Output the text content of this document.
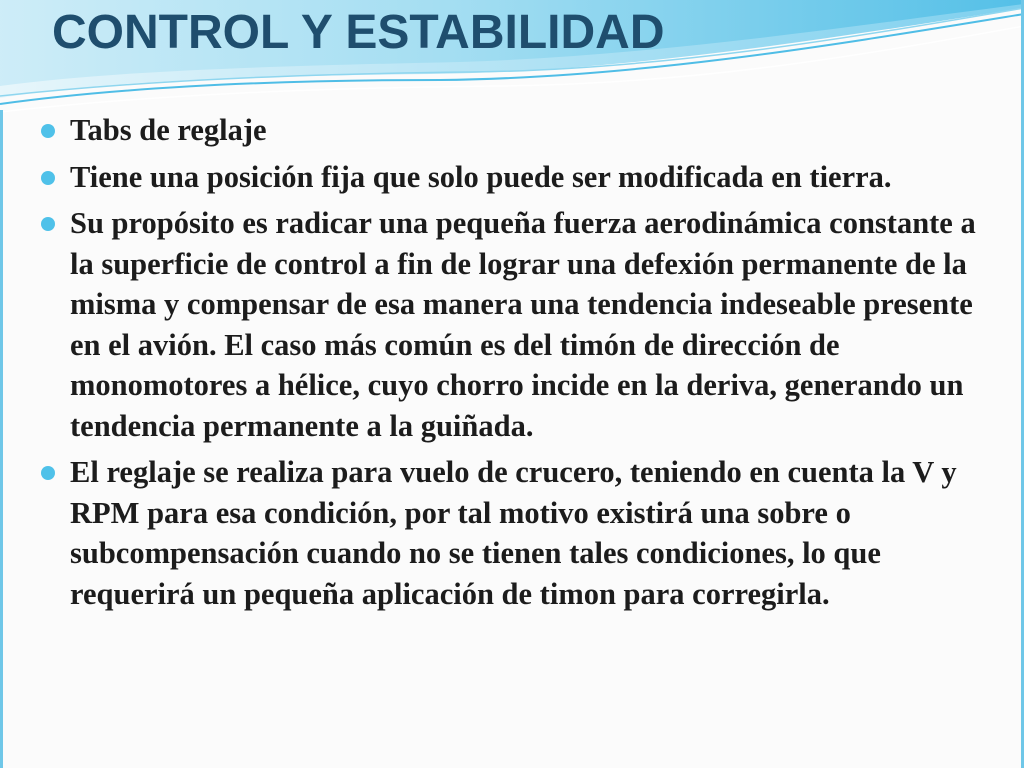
CONTROL Y ESTABILIDAD
Tabs de reglaje
Tiene una posición fija que solo puede ser modificada en tierra.
Su propósito es radicar una pequeña fuerza aerodinámica constante a la superficie de control a fin de lograr una defexión permanente de la misma y compensar de esa manera una tendencia indeseable presente en el avión. El caso más común es del timón de dirección de monomotores a hélice, cuyo chorro incide en la deriva, generando un tendencia permanente a la guiñada.
El reglaje se realiza para vuelo de crucero, teniendo en cuenta la V y RPM para esa condición, por tal motivo existirá una sobre o subcompensación cuando no se tienen tales condiciones, lo que requerirá un pequeña aplicación de timon para corregirla.
